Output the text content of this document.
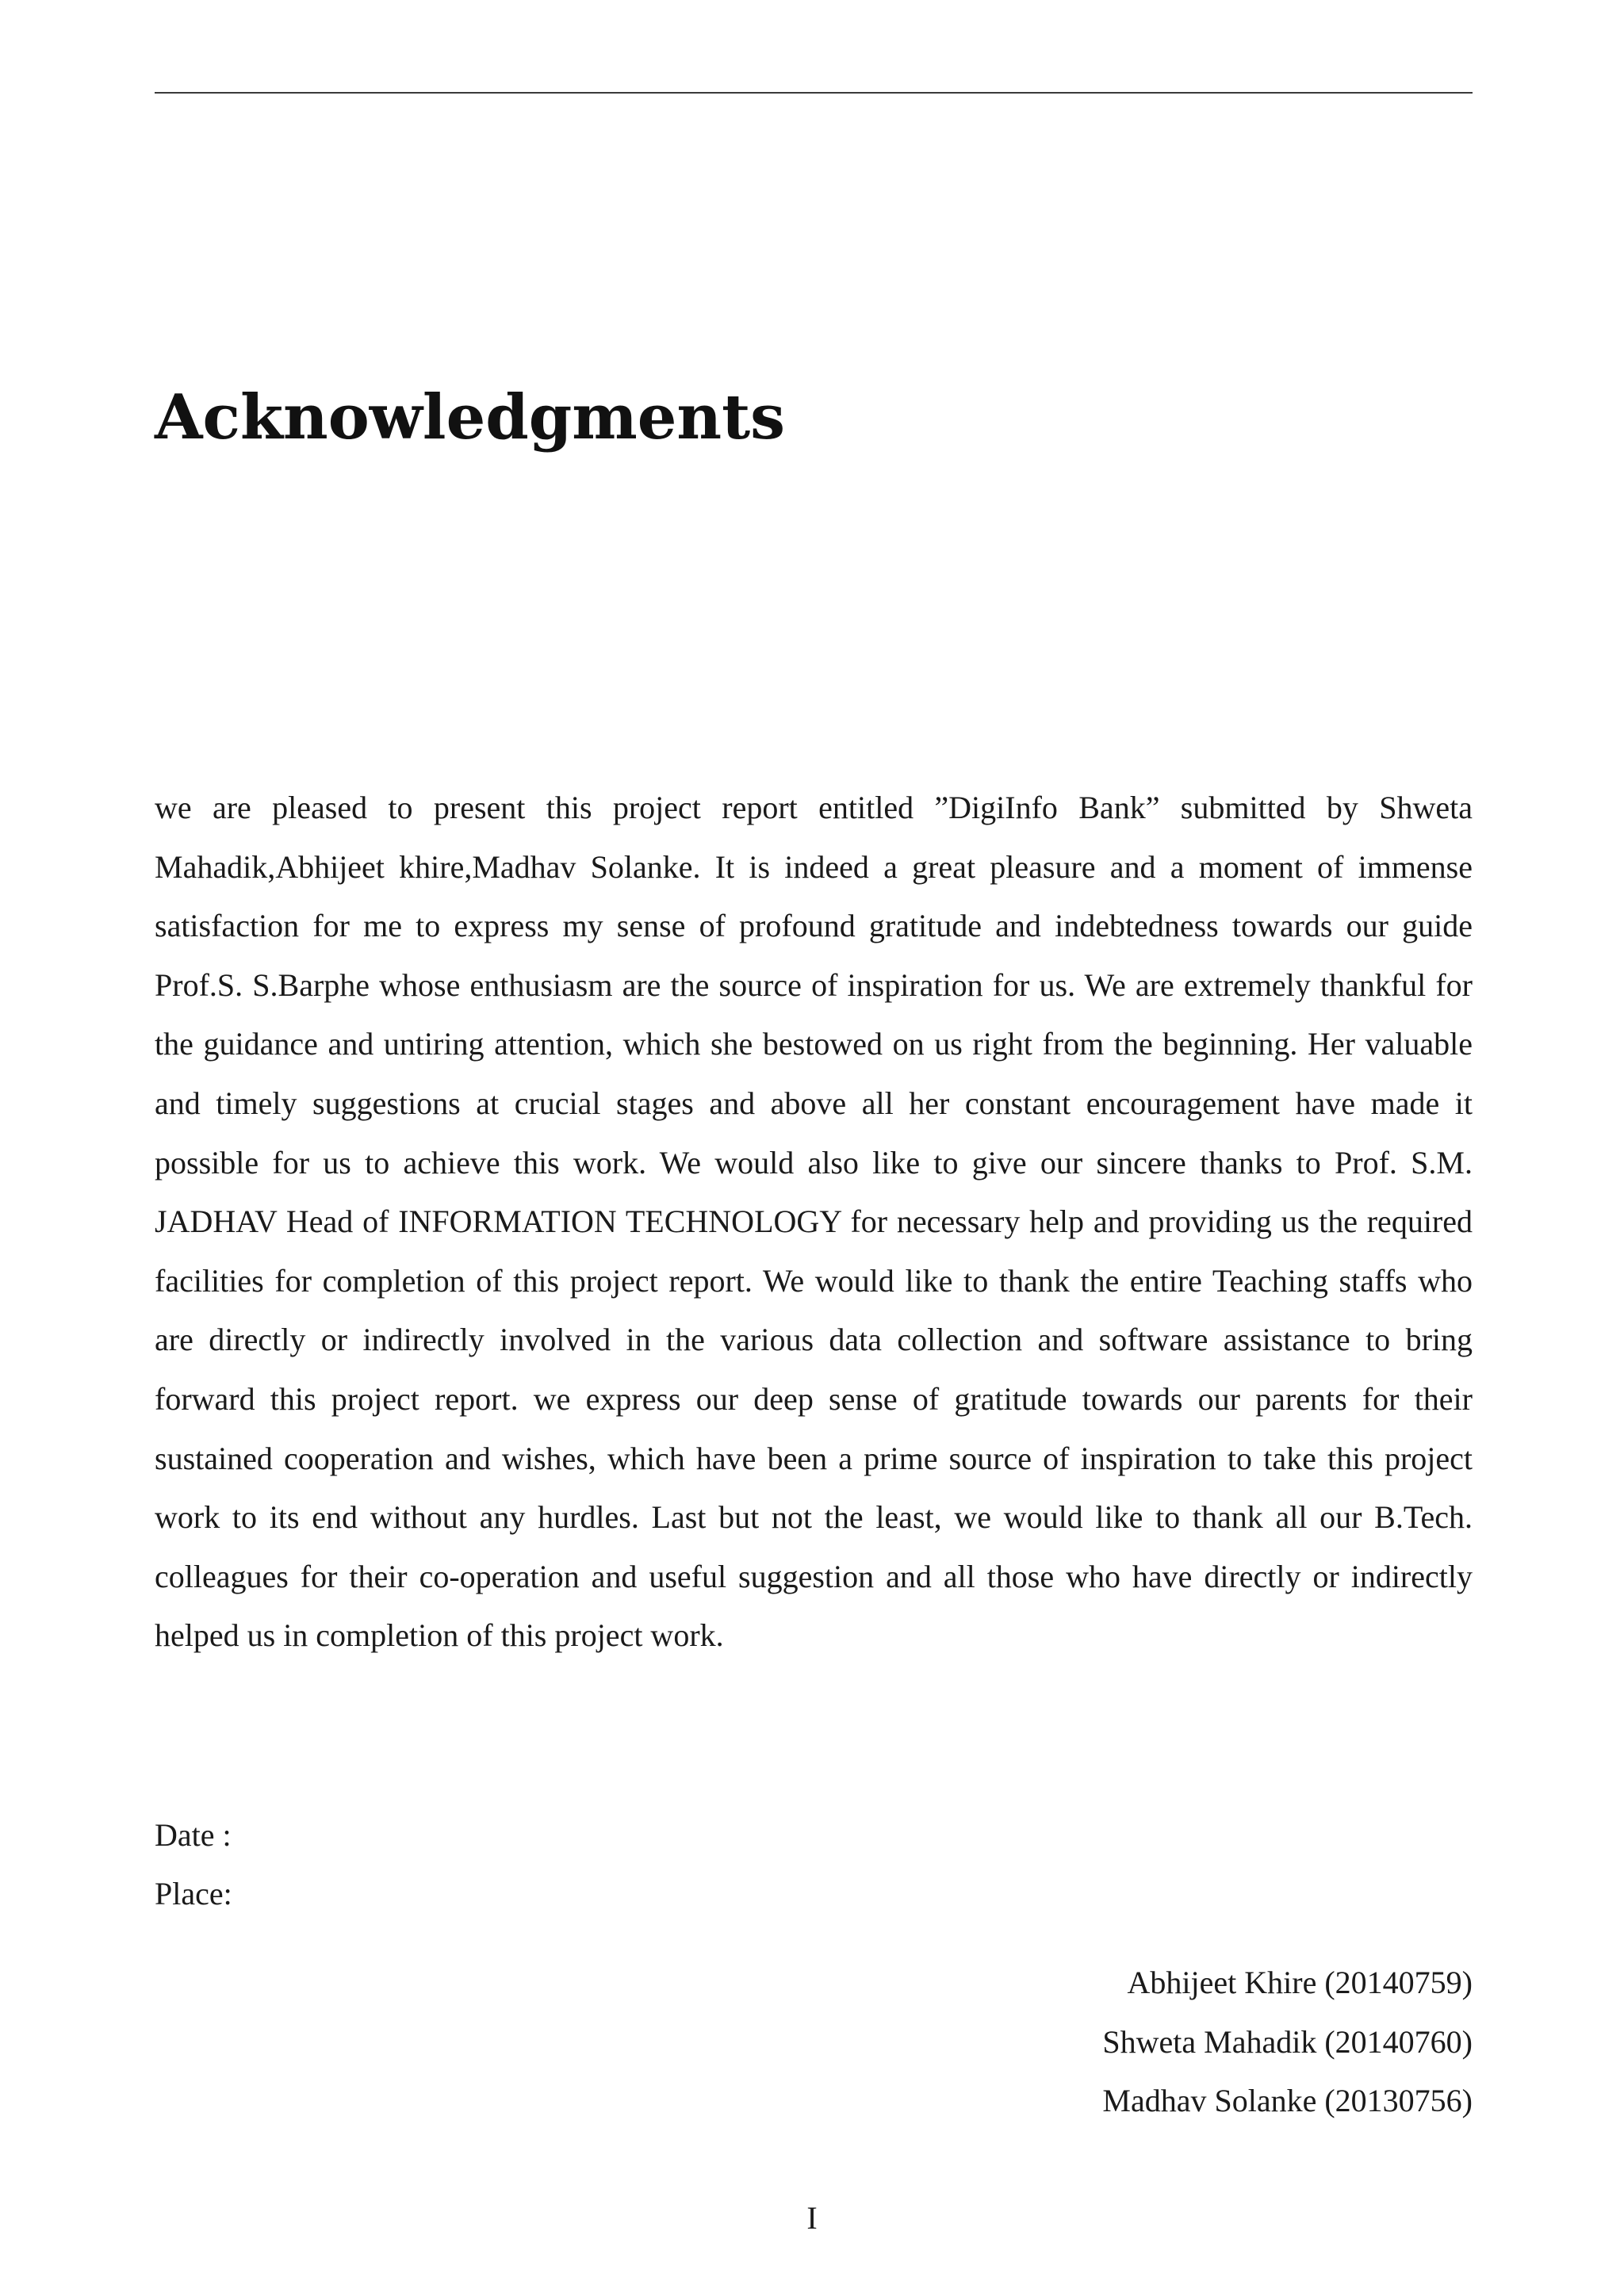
Acknowledgments

we are pleased to present this project report entitled ”DigiInfo Bank” submitted by Shweta Mahadik,Abhijeet khire,Madhav Solanke. It is indeed a great pleasure and a moment of immense satisfaction for me to express my sense of profound gratitude and indebtedness towards our guide Prof.S. S.Barphe whose enthusiasm are the source of inspiration for us. We are extremely thankful for the guidance and untiring attention, which she bestowed on us right from the beginning. Her valuable and timely suggestions at crucial stages and above all her constant encouragement have made it possible for us to achieve this work. We would also like to give our sincere thanks to Prof. S.M. JADHAV Head of INFORMATION TECHNOLOGY for necessary help and providing us the required facilities for completion of this project report. We would like to thank the entire Teaching staffs who are directly or indirectly involved in the various data collection and software assistance to bring forward this project report. we express our deep sense of gratitude towards our parents for their sustained cooperation and wishes, which have been a prime source of inspiration to take this project work to its end without any hurdles. Last but not the least, we would like to thank all our B.Tech. colleagues for their co-operation and useful suggestion and all those who have directly or indirectly helped us in completion of this project work.

Date :
Place:
Abhijeet Khire (20140759)
Shweta Mahadik (20140760)
Madhav Solanke (20130756)
I
